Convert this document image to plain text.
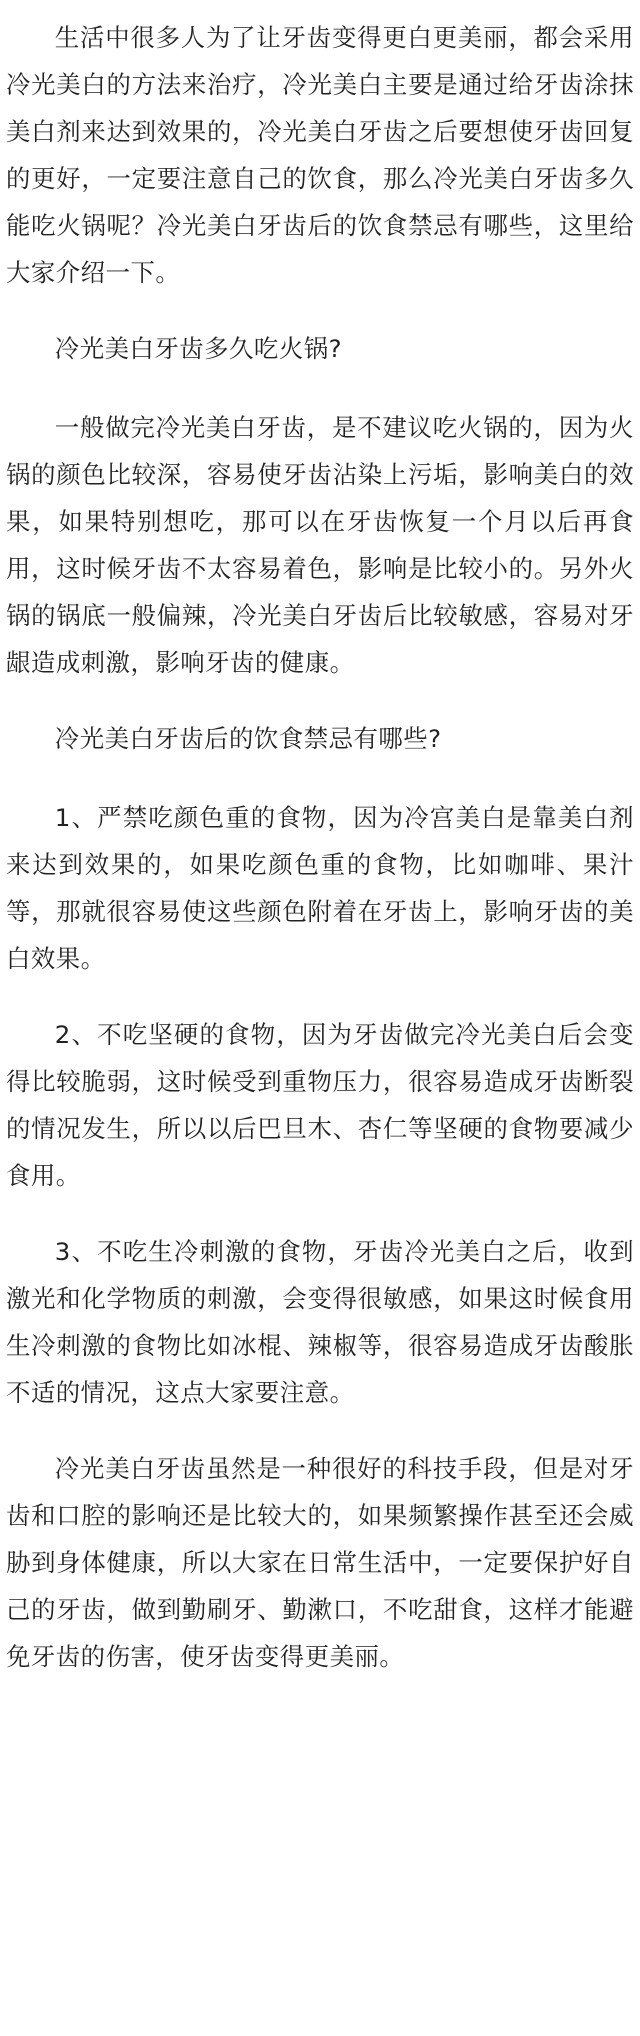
生活中很多人为了让牙齿变得更白更美丽，都会采用冷光美白的方法来治疗，冷光美白主要是通过给牙齿涂抹美白剂来达到效果的，冷光美白牙齿之后要想使牙齿回复的更好，一定要注意自己的饮食，那么冷光美白牙齿多久能吃火锅呢？冷光美白牙齿后的饮食禁忌有哪些，这里给大家介绍一下。

冷光美白牙齿多久吃火锅?

一般做完冷光美白牙齿，是不建议吃火锅的，因为火锅的颜色比较深，容易使牙齿沾染上污垢，影响美白的效果，如果特别想吃，那可以在牙齿恢复一个月以后再食用，这时候牙齿不太容易着色，影响是比较小的。另外火锅的锅底一般偏辣，冷光美白牙齿后比较敏感，容易对牙龈造成刺激，影响牙齿的健康。

冷光美白牙齿后的饮食禁忌有哪些?

1、严禁吃颜色重的食物，因为冷宫美白是靠美白剂来达到效果的，如果吃颜色重的食物，比如咖啡、果汁等，那就很容易使这些颜色附着在牙齿上，影响牙齿的美白效果。

2、不吃坚硬的食物，因为牙齿做完冷光美白后会变得比较脆弱，这时候受到重物压力，很容易造成牙齿断裂的情况发生，所以以后巴旦木、杏仁等坚硬的食物要减少食用。

3、不吃生冷刺激的食物，牙齿冷光美白之后，收到激光和化学物质的刺激，会变得很敏感，如果这时候食用生冷刺激的食物比如冰棍、辣椒等，很容易造成牙齿酸胀不适的情况，这点大家要注意。

冷光美白牙齿虽然是一种很好的科技手段，但是对牙齿和口腔的影响还是比较大的，如果频繁操作甚至还会威胁到身体健康，所以大家在日常生活中，一定要保护好自己的牙齿，做到勤刷牙、勤漱口，不吃甜食，这样才能避免牙齿的伤害，使牙齿变得更美丽。
